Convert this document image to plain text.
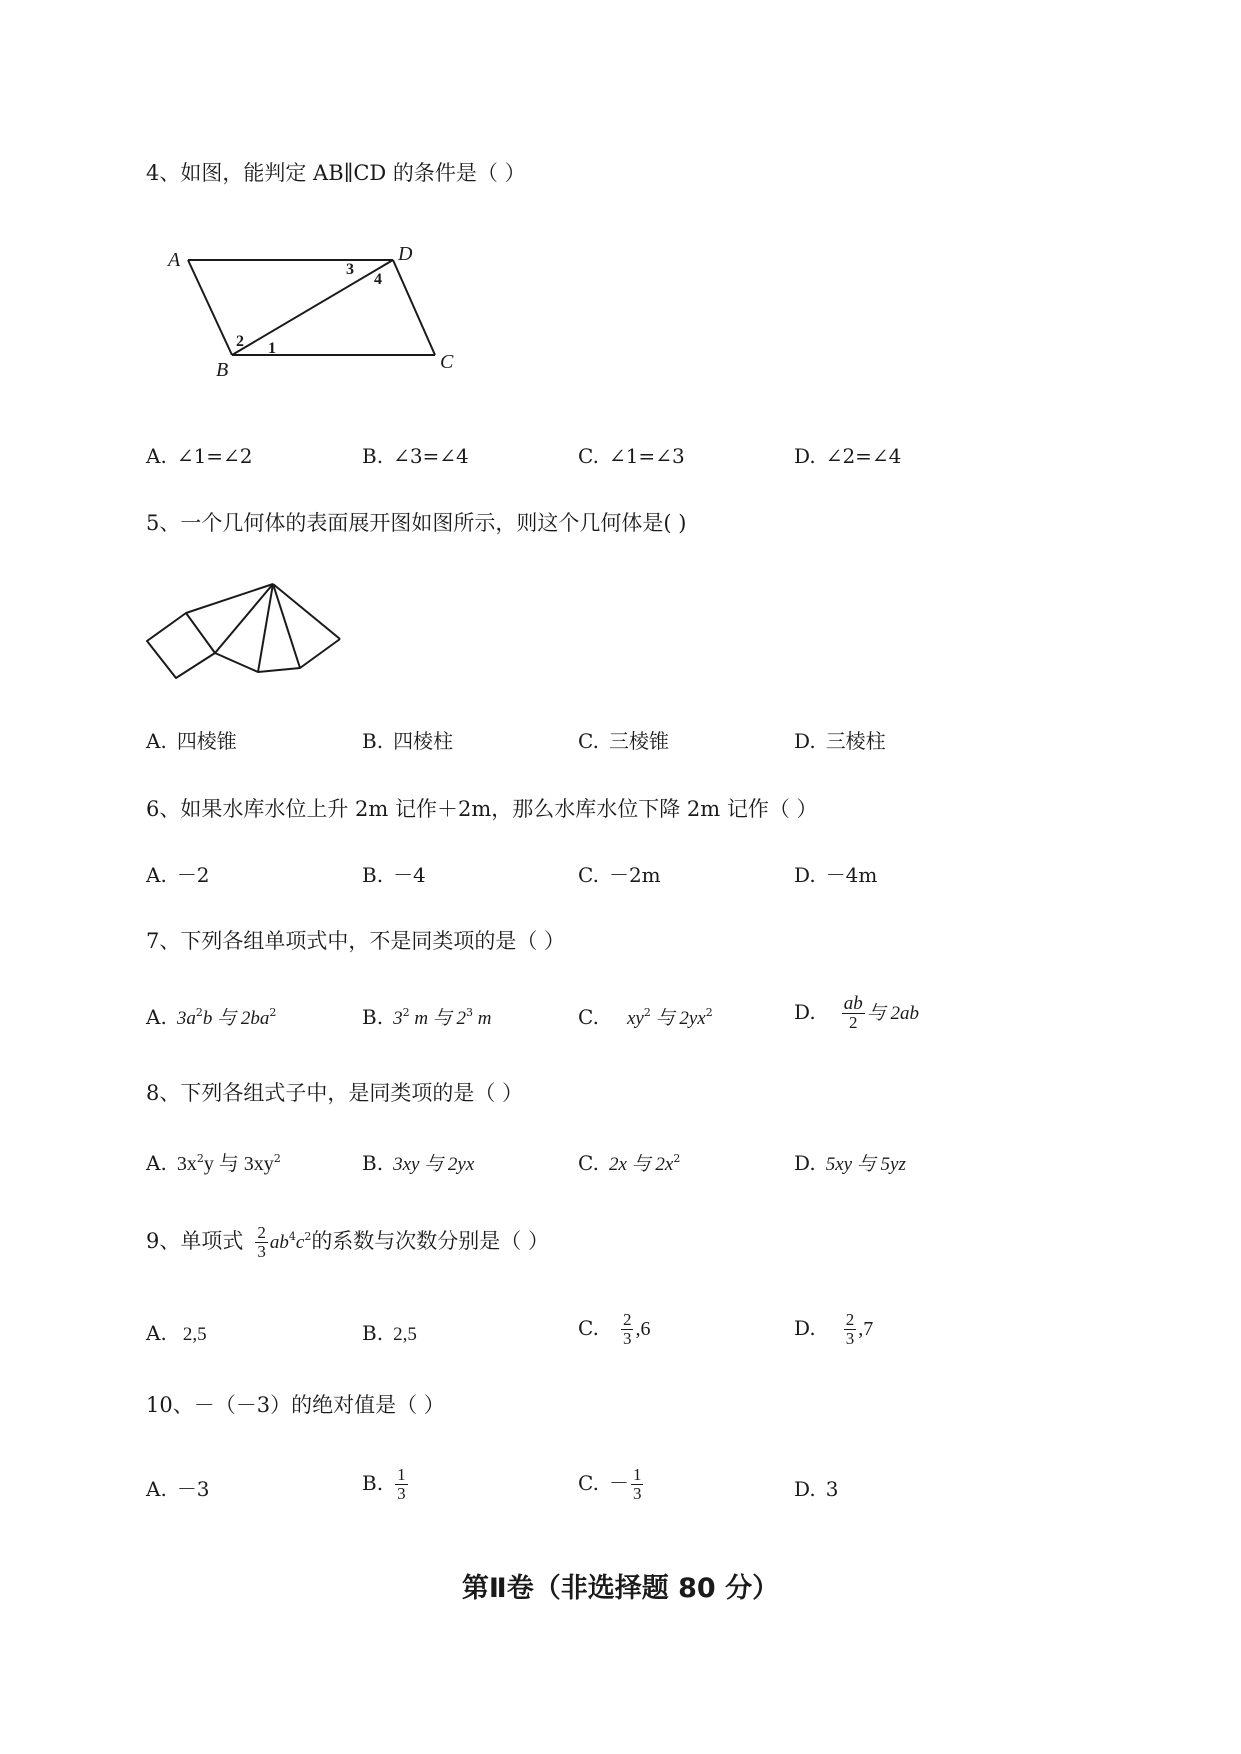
4、如图，能判定 AB∥CD 的条件是（ ）
A	D
B	C
3
4
2 1
A. ∠1=∠2	B. ∠3=∠4	C. ∠1=∠3	D. ∠2=∠4
5、一个几何体的表面展开图如图所示，则这个几何体是( )
A. 四棱锥	B. 四棱柱	C. 三棱锥	D. 三棱柱
6、如果水库水位上升 2m 记作＋2m，那么水库水位下降 2m 记作（ ）
A. －2	B. －4	C. －2m	D. －4m
7、下列各组单项式中，不是同类项的是（ ）
A. $3a^2b$ 与 $2ba^2$	B. $3^2$ m 与 $2^3$ m	C. $xy^2$ 与 $2yx^2$	D. $\frac{ab}{2}$ 与 2ab
8、下列各组式子中，是同类项的是（ ）
A. $3x^2y$ 与 $3xy^2$	B. 3xy 与 2yx	C. 2x 与 $2x^2$	D. 5xy 与 5yz
9、单项式 $\frac{2}{3} ab^4c^2$的系数与次数分别是（ ）
A. 2,5	B. 2,5	C. $\frac{2}{3} ,6$	D. $\frac{2}{3} ,7$
10、－（－3）的绝对值是（ ）
A. －3	B. $\frac{1}{3}$	C. － $\frac{1}{3}$	D. 3
第Ⅱ卷（非选择题 80 分）
